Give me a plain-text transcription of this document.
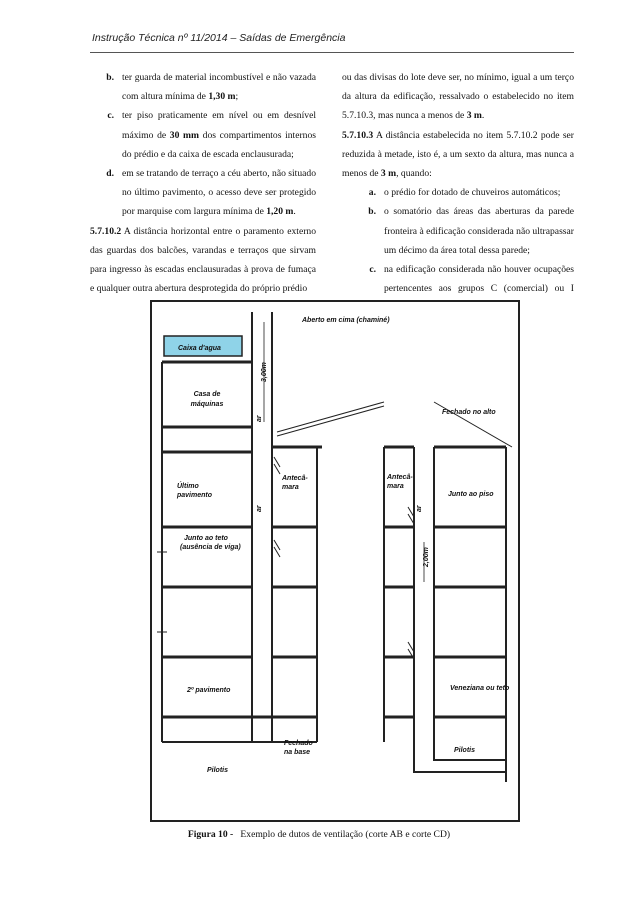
Instrução Técnica nº 11/2014 – Saídas de Emergência
b. ter guarda de material incombustível e não vazada com altura mínima de 1,30 m;
c. ter piso praticamente em nível ou em desnível máximo de 30 mm dos compartimentos internos do prédio e da caixa de escada enclausurada;
d. em se tratando de terraço a céu aberto, não situado no último pavimento, o acesso deve ser protegido por marquise com largura mínima de 1,20 m.

5.7.10.2 A distância horizontal entre o paramento externo das guardas dos balcões, varandas e terraços que sirvam para ingresso às escadas enclausuradas à prova de fumaça e qualquer outra abertura desprotegida do próprio prédio

ou das divisas do lote deve ser, no mínimo, igual a um terço da altura da edificação, ressalvado o estabelecido no item 5.7.10.3, mas nunca a menos de 3 m.

5.7.10.3 A distância estabelecida no item 5.7.10.2 pode ser reduzida à metade, isto é, a um sexto da altura, mas nunca a menos de 3 m, quando:

a. o prédio for dotado de chuveiros automáticos;
b. o somatório das áreas das aberturas da parede fronteira à edificação considerada não ultrapassar um décimo da área total dessa parede;
c. na edificação considerada não houver ocupações pertencentes aos grupos C (comercial) ou I
Aberto em cima (chaminé)
Caixa d'agua
Casa de
máquinas
3,00m
ar
ar	ar
Fechado no alto
Último
pavimento
Antecâ-
mara
Antecâ-
mara
Junto ao piso
Junto ao teto
(ausência de viga)	2,00m
2º pavimento	Veneziana ou teto
Fechado
na base
Pilotis
Pilotis
Figura 10 - Exemplo de dutos de ventilação (corte AB e corte CD)
